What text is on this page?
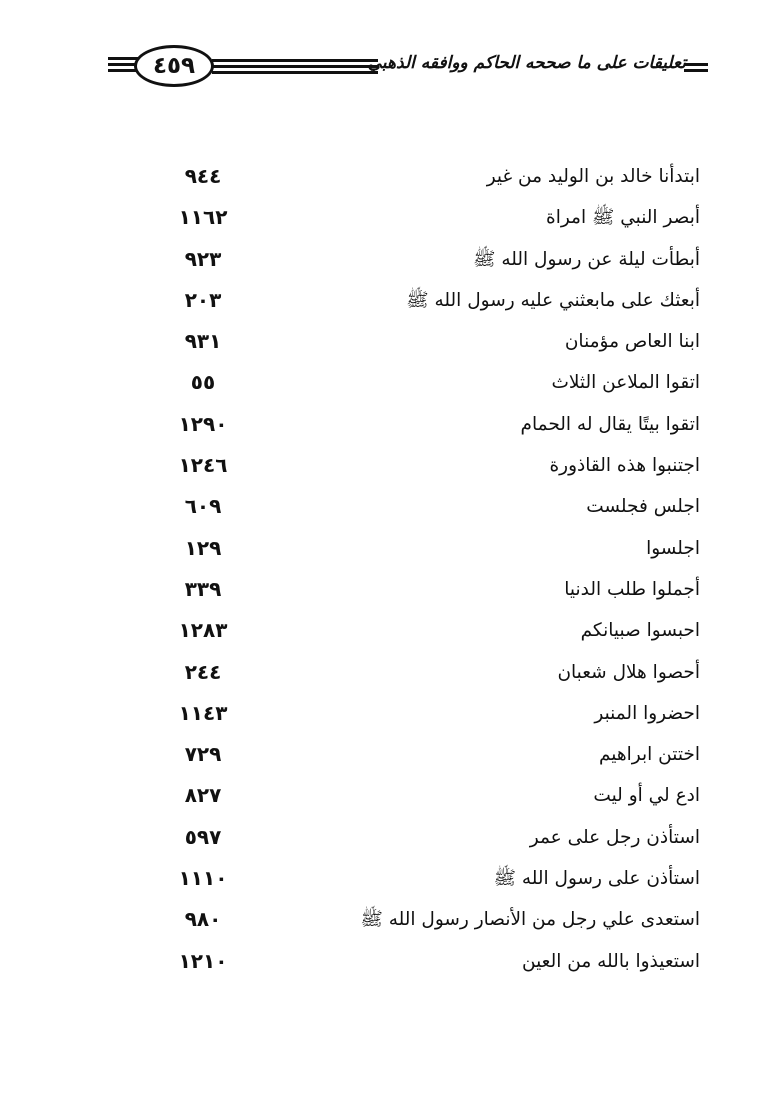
٤٥٩	تعليقات على ما صححه الحاكم ووافقه الذهبي
ابتدأنا خالد بن الوليد من غير
٩٤٤
أبصر النبي ﷺ امراة
١١٦٢
أبطأت ليلة عن رسول الله ﷺ
٩٢٣
أبعثك على مابعثني عليه رسول الله ﷺ
٢٠٣
ابنا العاص مؤمنان
٩٣١
اتقوا الملاعن الثلاث
٥٥
اتقوا بيتًا يقال له الحمام
١٢٩٠
اجتنبوا هذه القاذورة
١٢٤٦
اجلس فجلست
٦٠٩
اجلسوا
١٢٩
أجملوا طلب الدنيا
٣٣٩
احبسوا صبيانكم
١٢٨٣
أحصوا هلال شعبان
٢٤٤
احضروا المنبر
١١٤٣
اختتن ابراهيم
٧٢٩
ادع لي أو ليت
٨٢٧
استأذن رجل على عمر
٥٩٧
استأذن على رسول الله ﷺ
١١١٠
استعدى علي رجل من الأنصار رسول الله ﷺ
٩٨٠
استعيذوا بالله من العين
١٢١٠
